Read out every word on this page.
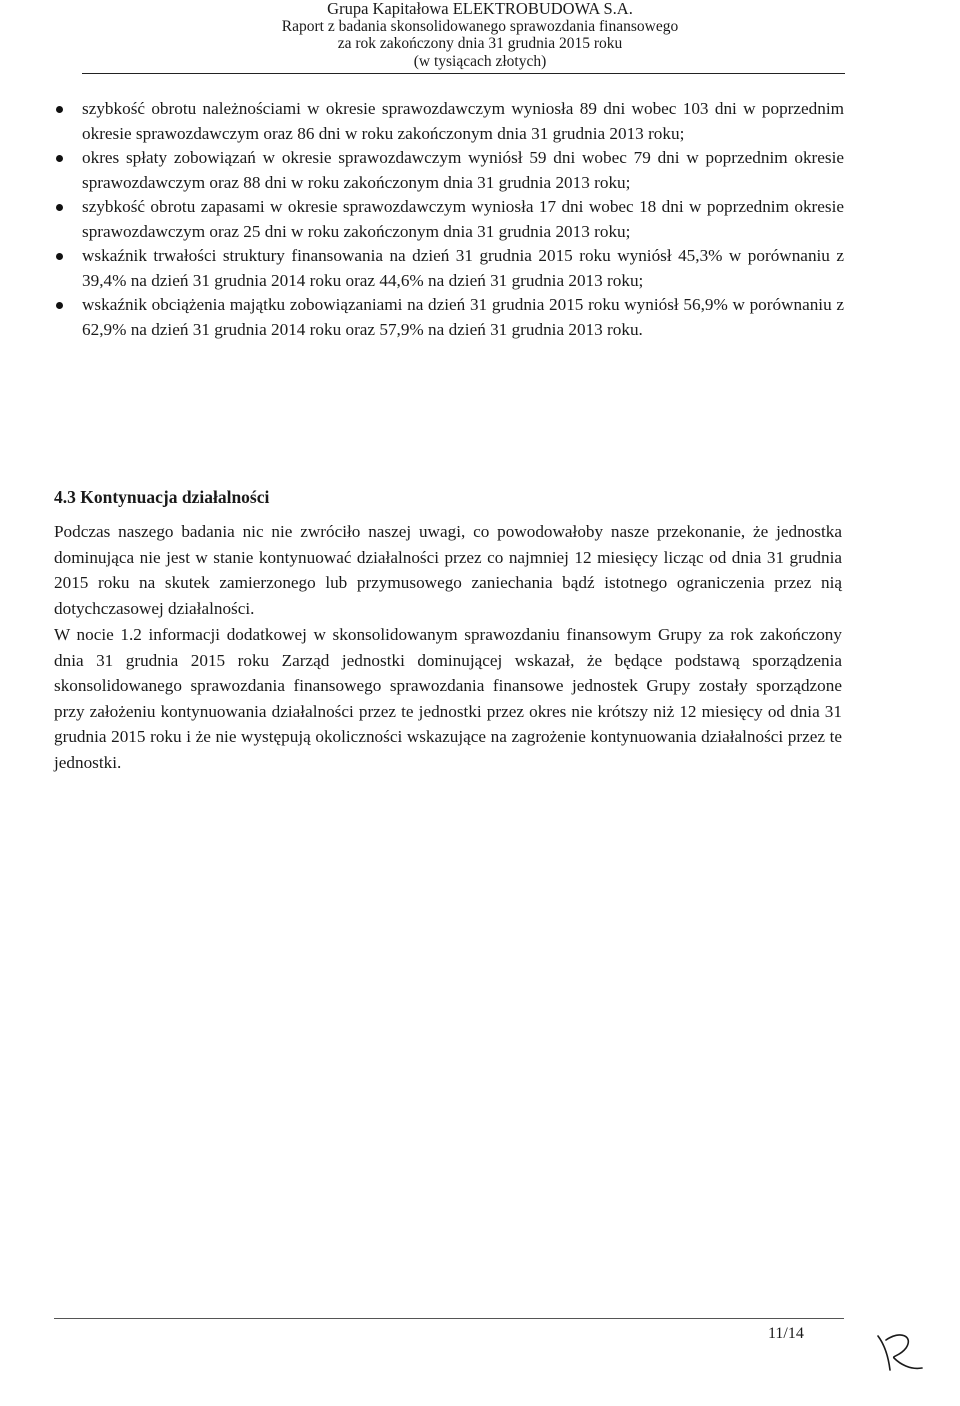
Grupa Kapitałowa ELEKTROBUDOWA S.A.
Raport z badania skonsolidowanego sprawozdania finansowego
za rok zakończony dnia 31 grudnia 2015 roku
(w tysiącach złotych)
szybkość obrotu należnościami w okresie sprawozdawczym wyniosła 89 dni wobec 103 dni w poprzednim okresie sprawozdawczym oraz 86 dni w roku zakończonym dnia 31 grudnia 2013 roku;
okres spłaty zobowiązań w okresie sprawozdawczym wyniósł 59 dni wobec 79 dni w poprzednim okresie sprawozdawczym oraz 88 dni w roku zakończonym dnia 31 grudnia 2013 roku;
szybkość obrotu zapasami w okresie sprawozdawczym wyniosła 17 dni wobec 18 dni w poprzednim okresie sprawozdawczym oraz 25 dni w roku zakończonym dnia 31 grudnia 2013 roku;
wskaźnik trwałości struktury finansowania na dzień 31 grudnia 2015 roku wyniósł 45,3% w porównaniu z 39,4% na dzień 31 grudnia 2014 roku oraz 44,6% na dzień 31 grudnia 2013 roku;
wskaźnik obciążenia majątku zobowiązaniami na dzień 31 grudnia 2015 roku wyniósł 56,9% w porównaniu z 62,9% na dzień 31 grudnia 2014 roku oraz 57,9% na dzień 31 grudnia 2013 roku.
4.3 Kontynuacja działalności

Podczas naszego badania nic nie zwróciło naszej uwagi, co powodowałoby nasze przekonanie, że jednostka dominująca nie jest w stanie kontynuować działalności przez co najmniej 12 miesięcy licząc od dnia 31 grudnia 2015 roku na skutek zamierzonego lub przymusowego zaniechania bądź istotnego ograniczenia przez nią dotychczasowej działalności.

W nocie 1.2 informacji dodatkowej w skonsolidowanym sprawozdaniu finansowym Grupy za rok zakończony dnia 31 grudnia 2015 roku Zarząd jednostki dominującej wskazał, że będące podstawą sporządzenia skonsolidowanego sprawozdania finansowego sprawozdania finansowe jednostek Grupy zostały sporządzone przy założeniu kontynuowania działalności przez te jednostki przez okres nie krótszy niż 12 miesięcy od dnia 31 grudnia 2015 roku i że nie występują okoliczności wskazujące na zagrożenie kontynuowania działalności przez te jednostki.

11/14
